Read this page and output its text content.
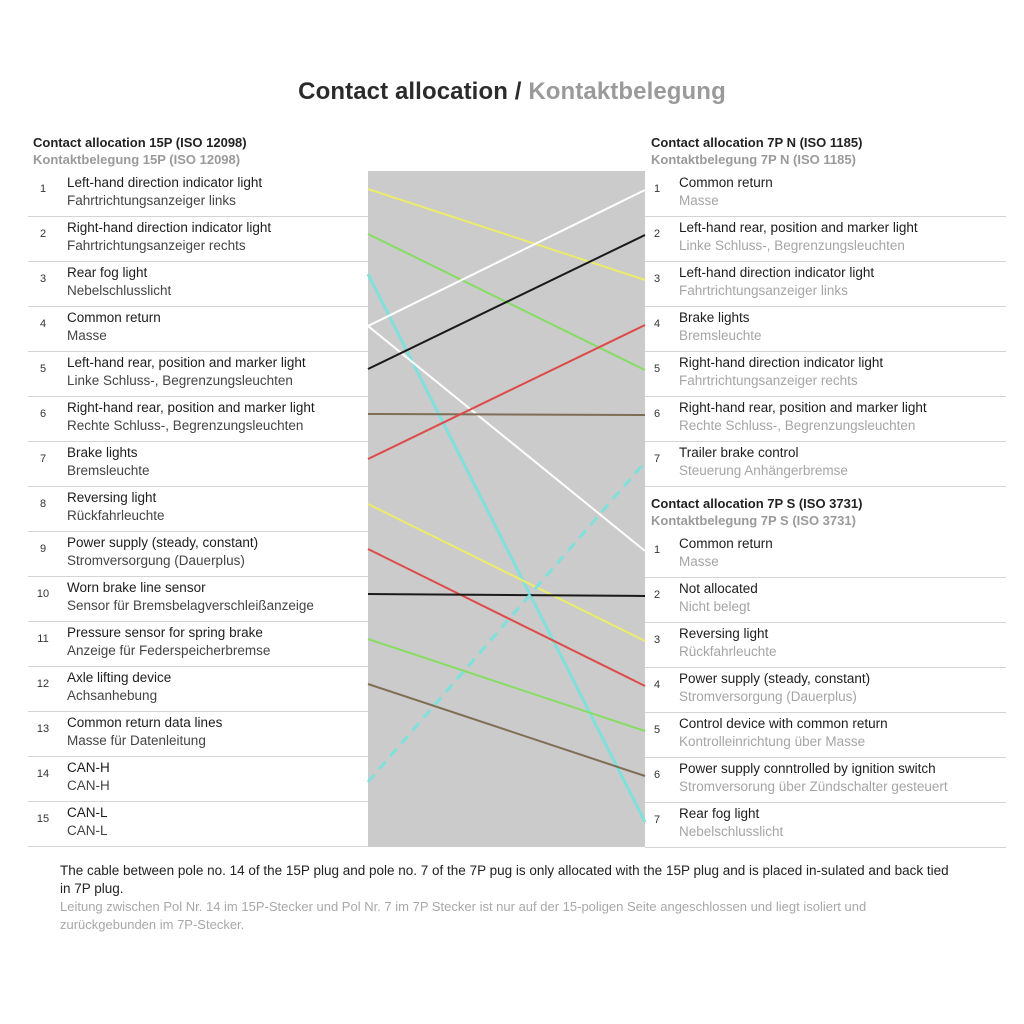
Contact allocation / Kontaktbelegung
Contact allocation 15P (ISO 12098)
Kontaktbelegung 15P (ISO 12098)
Contact allocation 7P N (ISO 1185)
Kontaktbelegung 7P N (ISO 1185)
Contact allocation 7P S (ISO 3731)
Kontaktbelegung 7P S (ISO 3731)
1	Left-hand direction indicator light
Fahrtrichtungsanzeiger links
2	Right-hand direction indicator light
Fahrtrichtungsanzeiger rechts
3	Rear fog light
Nebelschlusslicht
4	Common return
Masse
5	Left-hand rear, position and marker light
Linke Schluss-, Begrenzungsleuchten
6	Right-hand rear, position and marker light
Rechte Schluss-, Begrenzungsleuchten
7	Brake lights
Bremsleuchte
8	Reversing light
Rückfahrleuchte
9	Power supply (steady, constant)
Stromversorgung (Dauerplus)
10 Worn brake line sensor
Sensor für Bremsbelagverschleißanzeige
11	Pressure sensor for spring brake
Anzeige für Federspeicherbremse
12 Axle lifting device
Achsanhebung
13 Common return data lines
Masse für Datenleitung
14 CAN-H
CAN-H
15 CAN-L
CAN-L
1	Common return
Masse
2	Left-hand rear, position and marker light
Linke Schluss-, Begrenzungsleuchten
3	Left-hand direction indicator light
Fahrtrichtungsanzeiger links
4	Brake lights
Bremsleuchte
5	Right-hand direction indicator light
Fahrtrichtungsanzeiger rechts
6	Right-hand rear, position and marker light
Rechte Schluss-, Begrenzungsleuchten
7	Trailer brake control
Steuerung Anhängerbremse
1	Common return
Masse
2	Not allocated
Nicht belegt
3	Reversing light
Rückfahrleuchte
4	Power supply (steady, constant)
Stromversorgung (Dauerplus)
5	Control device with common return
Kontrolleinrichtung über Masse
6	Power supply conntrolled by ignition switch
Stromversorung über Zündschalter gesteuert
7	Rear fog light
Nebelschlusslicht
The cable between pole no. 14 of the 15P plug and pole no. 7 of the 7P pug is only allocated with the 15P plug and is placed in-sulated and back tied in 7P plug.
Leitung zwischen Pol Nr. 14 im 15P-Stecker und Pol Nr. 7 im 7P Stecker ist nur auf der 15-poligen Seite angeschlossen und liegt isoliert und zurückgebunden im 7P-Stecker.
